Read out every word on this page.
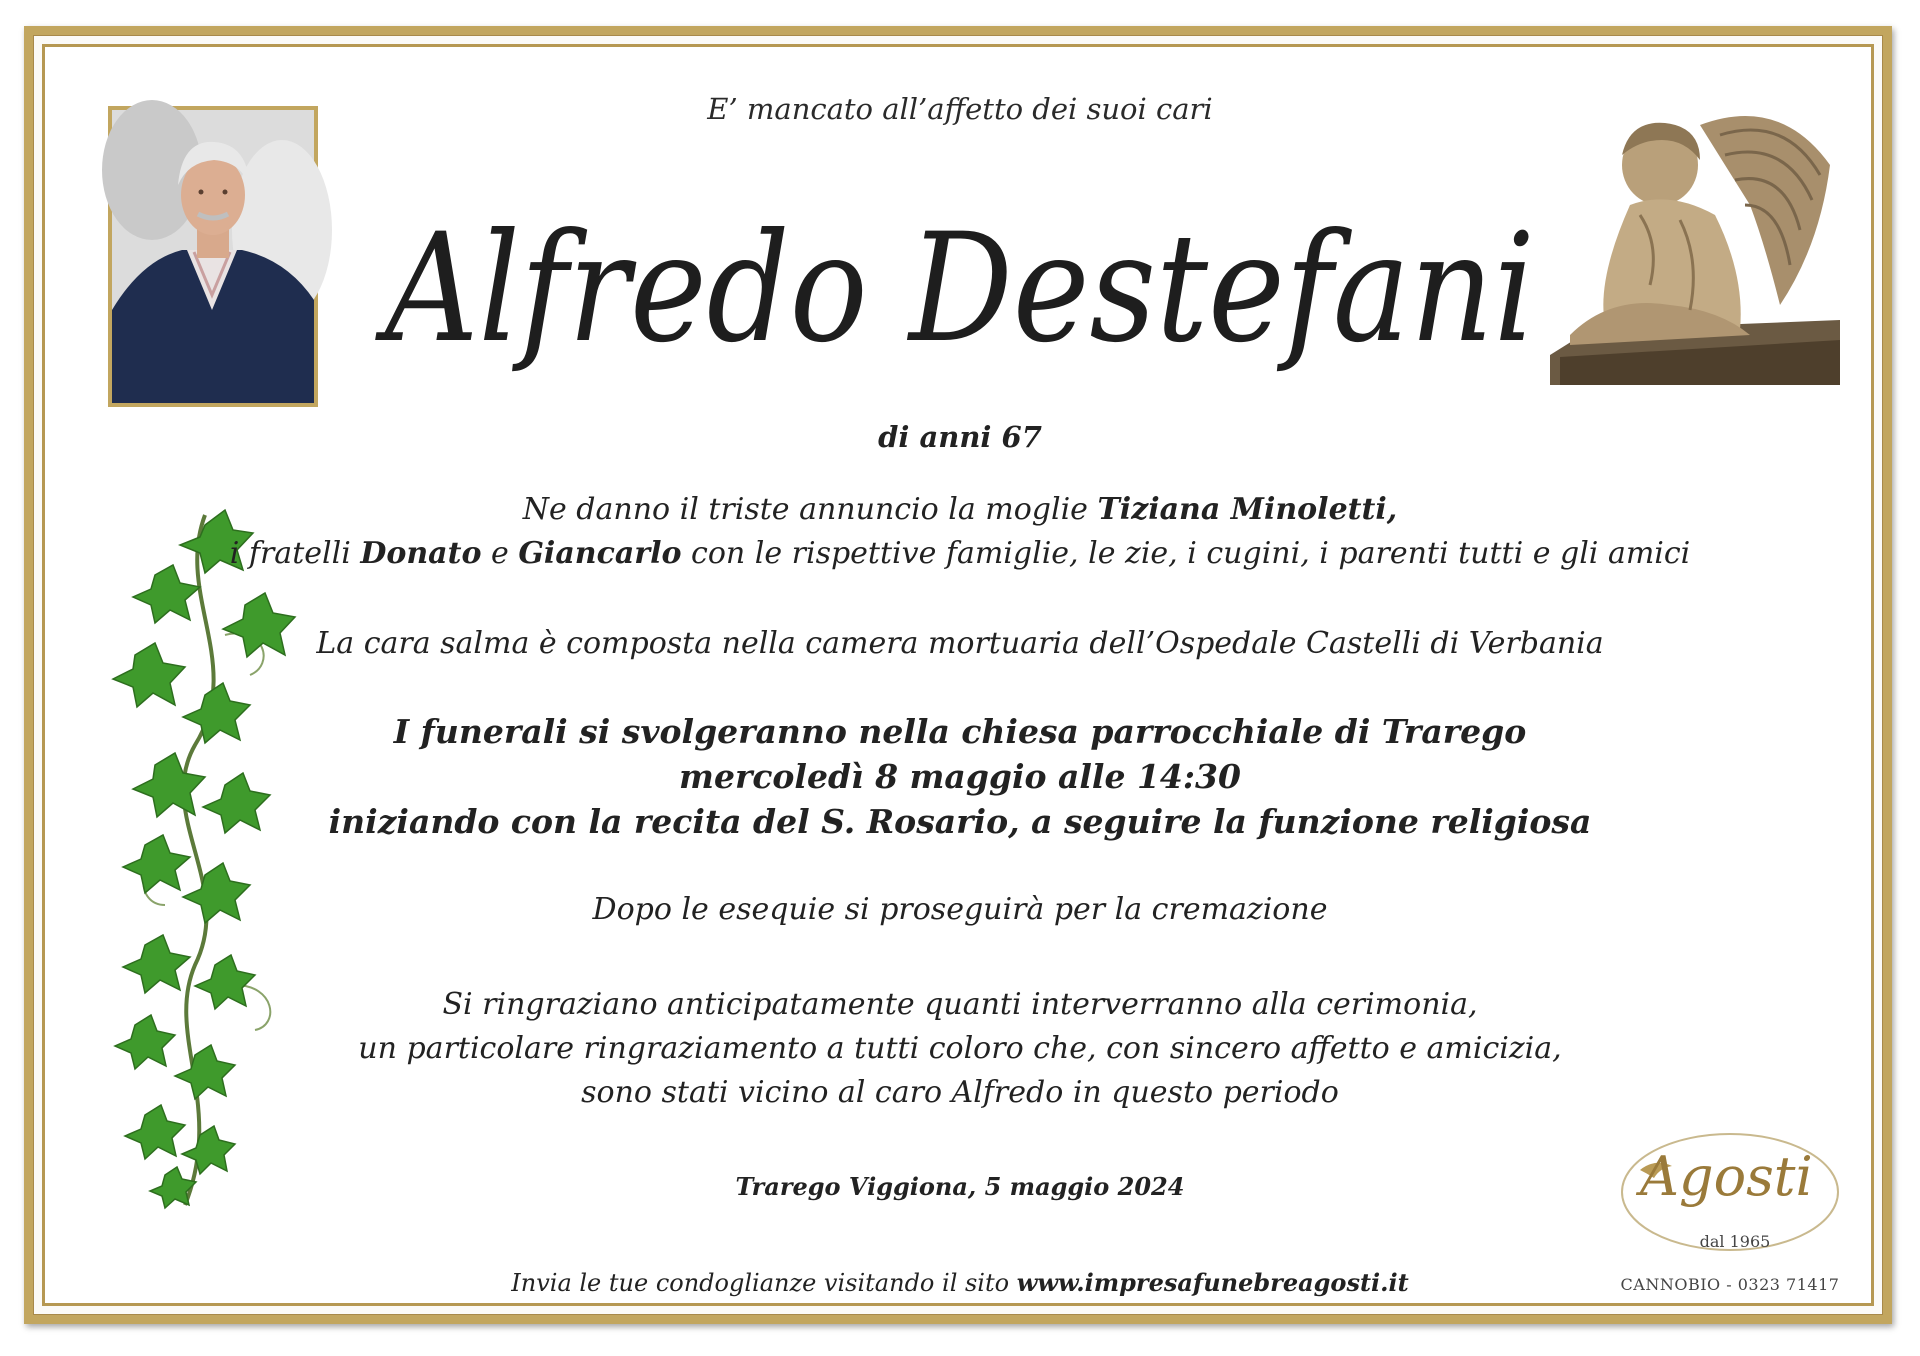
E’ mancato all’affetto dei suoi cari
Alfredo Destefani
di anni 67
Ne danno il triste annuncio la moglie Tiziana Minoletti,
i fratelli Donato e Giancarlo con le rispettive famiglie, le zie, i cugini, i parenti tutti e gli amici
La cara salma è composta nella camera mortuaria dell’Ospedale Castelli di Verbania
I funerali si svolgeranno nella chiesa parrocchiale di Trarego
mercoledì 8 maggio alle 14:30
iniziando con la recita del S. Rosario, a seguire la funzione religiosa
Dopo le esequie si proseguirà per la cremazione
Si ringraziano anticipatamente quanti interverranno alla cerimonia,
un particolare ringraziamento a tutti coloro che, con sincero affetto e amicizia,
sono stati vicino al caro Alfredo in questo periodo
Trarego Viggiona, 5 maggio 2024
Invia le tue condoglianze visitando il sito www.impresafunebreagosti.it
Agosti
dal 1965
CANNOBIO - 0323 71417
